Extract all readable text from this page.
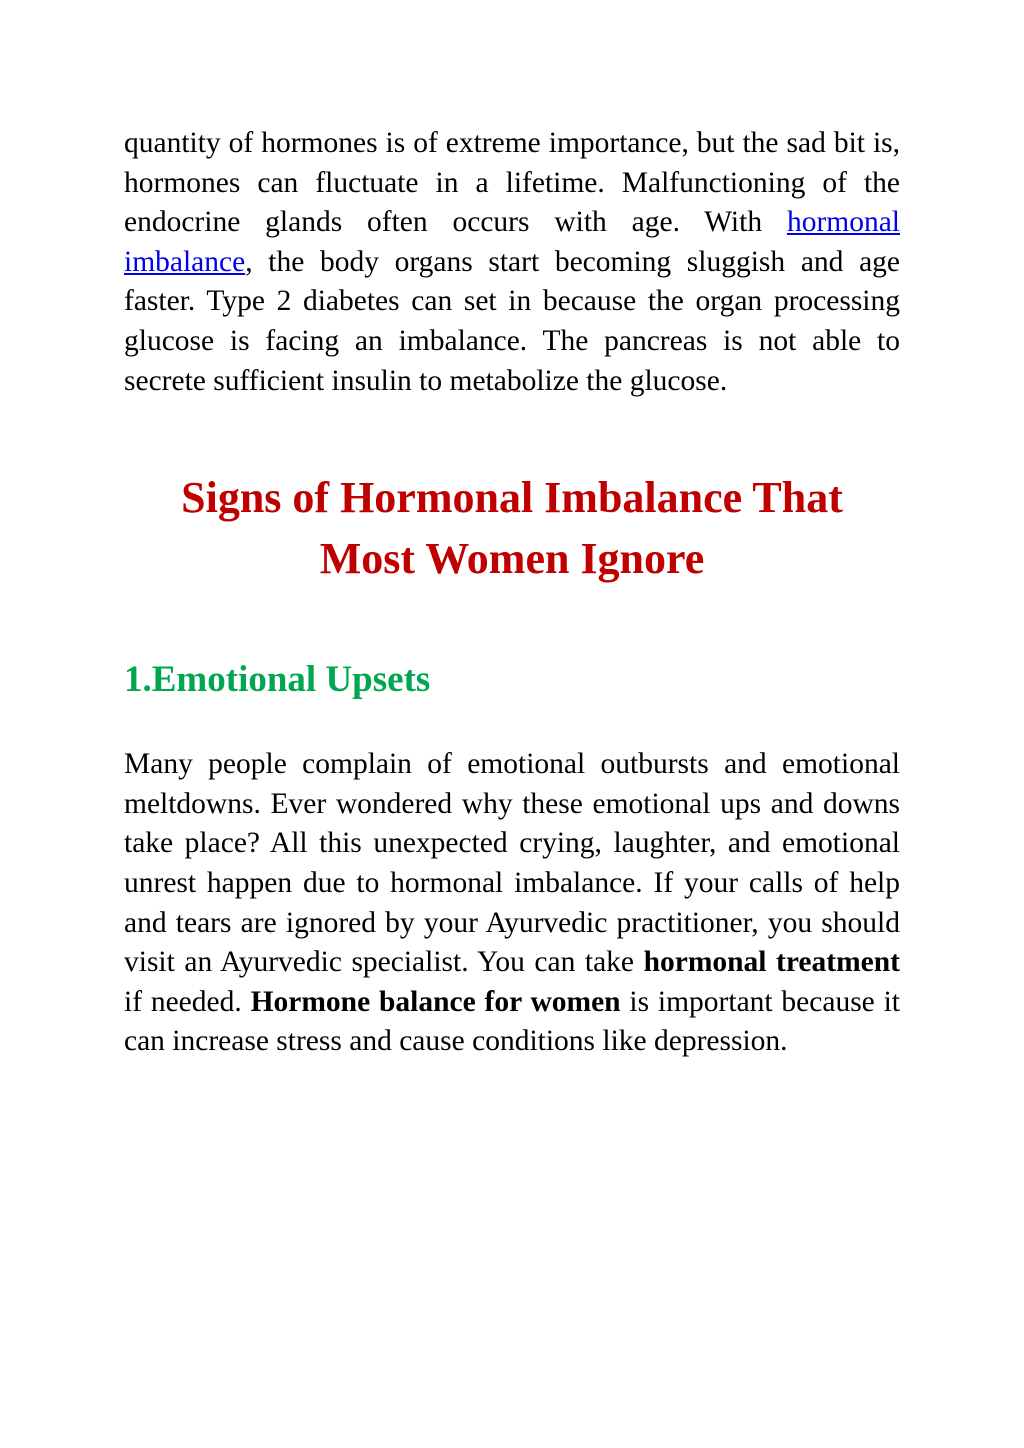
quantity of hormones is of extreme importance, but the sad bit is, hormones can fluctuate in a lifetime. Malfunctioning of the endocrine glands often occurs with age. With hormonal imbalance, the body organs start becoming sluggish and age faster. Type 2 diabetes can set in because the organ processing glucose is facing an imbalance. The pancreas is not able to secrete sufficient insulin to metabolize the glucose.

Signs of Hormonal Imbalance That
Most Women Ignore
1.Emotional Upsets

Many people complain of emotional outbursts and emotional meltdowns. Ever wondered why these emotional ups and downs take place? All this unexpected crying, laughter, and emotional unrest happen due to hormonal imbalance. If your calls of help and tears are ignored by your Ayurvedic practitioner, you should visit an Ayurvedic specialist. You can take hormonal treatment if needed. Hormone balance for women is important because it can increase stress and cause conditions like depression.
